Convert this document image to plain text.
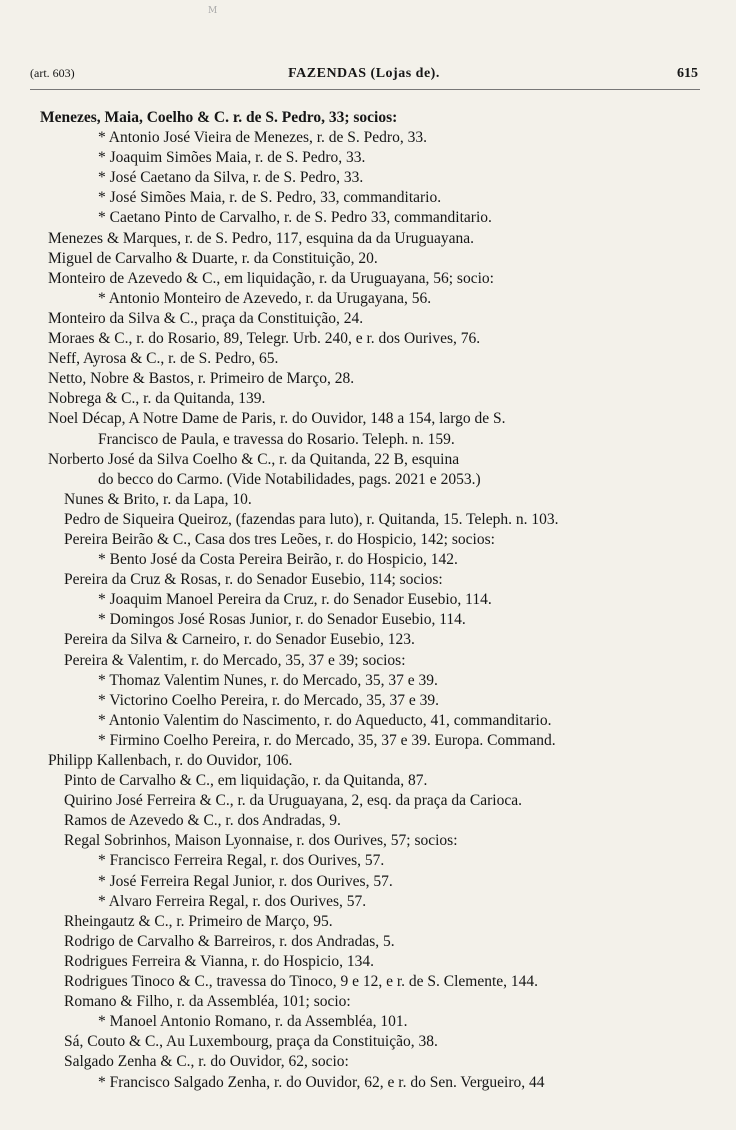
M
(art. 603)	FAZENDAS (Lojas de).	615
Menezes, Maia, Coelho & C. r. de S. Pedro, 33; socios:
* Antonio José Vieira de Menezes, r. de S. Pedro, 33.
* Joaquim Simões Maia, r. de S. Pedro, 33.
* José Caetano da Silva, r. de S. Pedro, 33.
* José Simões Maia, r. de S. Pedro, 33, commanditario.
* Caetano Pinto de Carvalho, r. de S. Pedro 33, commanditario.
Menezes & Marques, r. de S. Pedro, 117, esquina da da Uruguayana.
Miguel de Carvalho & Duarte, r. da Constituição, 20.
Monteiro de Azevedo & C., em liquidação, r. da Uruguayana, 56; socio:
* Antonio Monteiro de Azevedo, r. da Urugayana, 56.
Monteiro da Silva & C., praça da Constituição, 24.
Moraes & C., r. do Rosario, 89, Telegr. Urb. 240, e r. dos Ourives, 76.
Neff, Ayrosa & C., r. de S. Pedro, 65.
Netto, Nobre & Bastos, r. Primeiro de Março, 28.
Nobrega & C., r. da Quitanda, 139.
Noel Décap, A Notre Dame de Paris, r. do Ouvidor, 148 a 154, largo de S.
Francisco de Paula, e travessa do Rosario. Teleph. n. 159.
Norberto José da Silva Coelho & C., r. da Quitanda, 22 B, esquina
do becco do Carmo. (Vide Notabilidades, pags. 2021 e 2053.)
Nunes & Brito, r. da Lapa, 10.
Pedro de Siqueira Queiroz, (fazendas para luto), r. Quitanda, 15. Teleph. n. 103.
Pereira Beirão & C., Casa dos tres Leões, r. do Hospicio, 142; socios:
* Bento José da Costa Pereira Beirão, r. do Hospicio, 142.
Pereira da Cruz & Rosas, r. do Senador Eusebio, 114; socios:
* Joaquim Manoel Pereira da Cruz, r. do Senador Eusebio, 114.
* Domingos José Rosas Junior, r. do Senador Eusebio, 114.
Pereira da Silva & Carneiro, r. do Senador Eusebio, 123.
Pereira & Valentim, r. do Mercado, 35, 37 e 39; socios:
* Thomaz Valentim Nunes, r. do Mercado, 35, 37 e 39.
* Victorino Coelho Pereira, r. do Mercado, 35, 37 e 39.
* Antonio Valentim do Nascimento, r. do Aqueducto, 41, commanditario.
* Firmino Coelho Pereira, r. do Mercado, 35, 37 e 39. Europa. Command.
Philipp Kallenbach, r. do Ouvidor, 106.
Pinto de Carvalho & C., em liquidação, r. da Quitanda, 87.
Quirino José Ferreira & C., r. da Uruguayana, 2, esq. da praça da Carioca.
Ramos de Azevedo & C., r. dos Andradas, 9.
Regal Sobrinhos, Maison Lyonnaise, r. dos Ourives, 57; socios:
* Francisco Ferreira Regal, r. dos Ourives, 57.
* José Ferreira Regal Junior, r. dos Ourives, 57.
* Alvaro Ferreira Regal, r. dos Ourives, 57.
Rheingautz & C., r. Primeiro de Março, 95.
Rodrigo de Carvalho & Barreiros, r. dos Andradas, 5.
Rodrigues Ferreira & Vianna, r. do Hospicio, 134.
Rodrigues Tinoco & C., travessa do Tinoco, 9 e 12, e r. de S. Clemente, 144.
Romano & Filho, r. da Assembléa, 101; socio:
* Manoel Antonio Romano, r. da Assembléa, 101.
Sá, Couto & C., Au Luxembourg, praça da Constituição, 38.
Salgado Zenha & C., r. do Ouvidor, 62, socio:
* Francisco Salgado Zenha, r. do Ouvidor, 62, e r. do Sen. Vergueiro, 44
